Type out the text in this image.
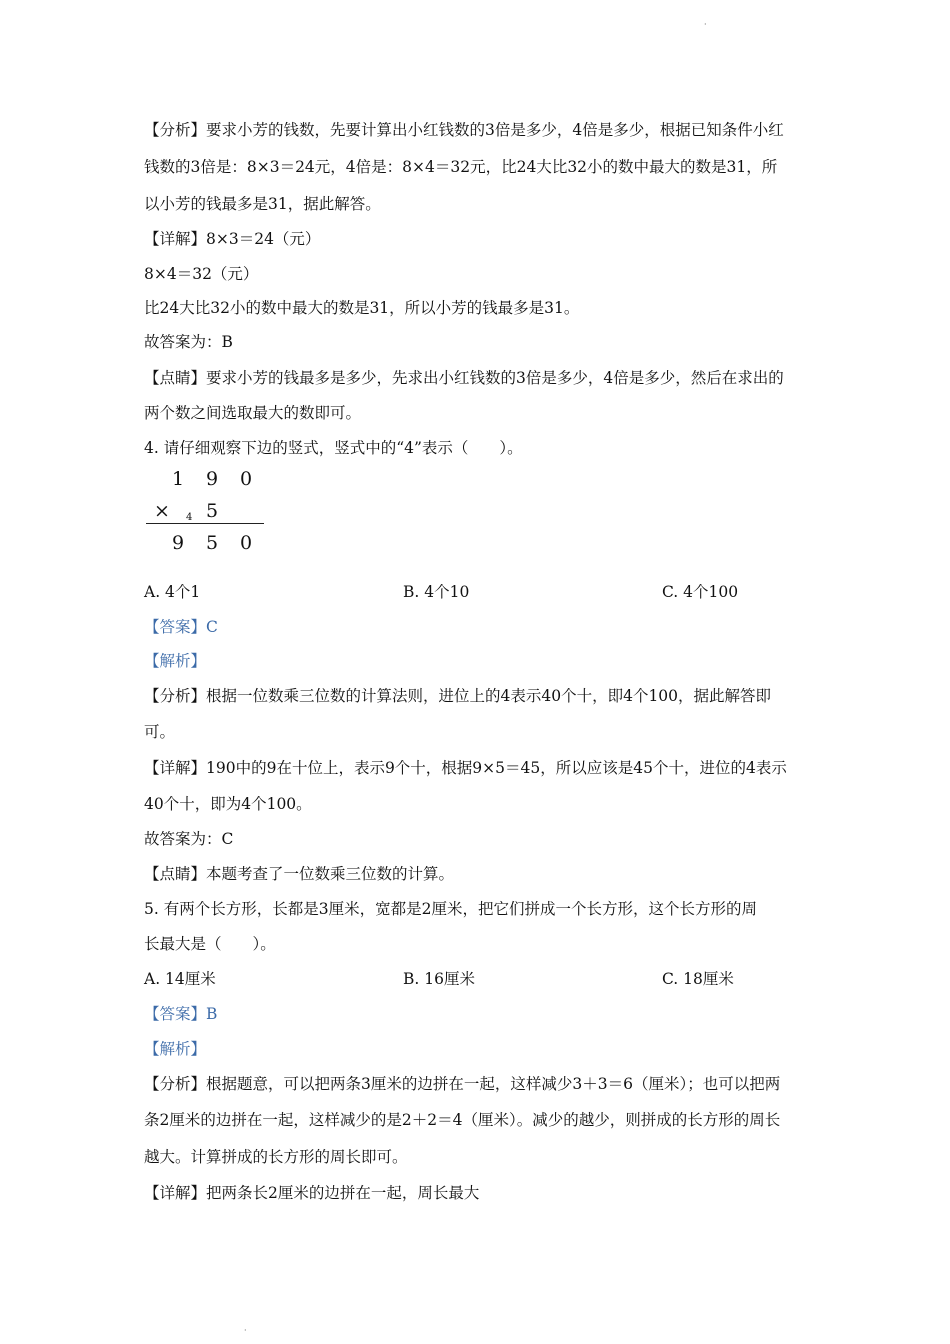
·
【分析】要求小芳的钱数，先要计算出小红钱数的3倍是多少，4倍是多少，根据已知条件小红
钱数的3倍是：8×3＝24元，4倍是：8×4＝32元，比24大比32小的数中最大的数是31，所
以小芳的钱最多是31，据此解答。
【详解】8×3＝24（元）
8×4＝32（元）
比24大比32小的数中最大的数是31，所以小芳的钱最多是31。
故答案为：B
【点睛】要求小芳的钱最多是多少，先求出小红钱数的3倍是多少，4倍是多少，然后在求出的
两个数之间选取最大的数即可。
4. 请仔细观察下边的竖式，竖式中的“4”表示（　　）。
1 9 0
× 4 5
9 5 0
A. 4个1	B. 4个10	C. 4个100
【答案】C
【解析】
【分析】根据一位数乘三位数的计算法则，进位上的4表示40个十，即4个100，据此解答即
可。
【详解】190中的9在十位上，表示9个十，根据9×5＝45，所以应该是45个十，进位的4表示
40个十，即为4个100。
故答案为：C
【点睛】本题考查了一位数乘三位数的计算。
5. 有两个长方形，长都是3厘米，宽都是2厘米，把它们拼成一个长方形，这个长方形的周
长最大是（　　）。
A. 14厘米	B. 16厘米	C. 18厘米
【答案】B
【解析】
【分析】根据题意，可以把两条3厘米的边拼在一起，这样减少3＋3＝6（厘米）；也可以把两
条2厘米的边拼在一起，这样减少的是2＋2＝4（厘米）。减少的越少，则拼成的长方形的周长
越大。计算拼成的长方形的周长即可。
【详解】把两条长2厘米的边拼在一起，周长最大
·
